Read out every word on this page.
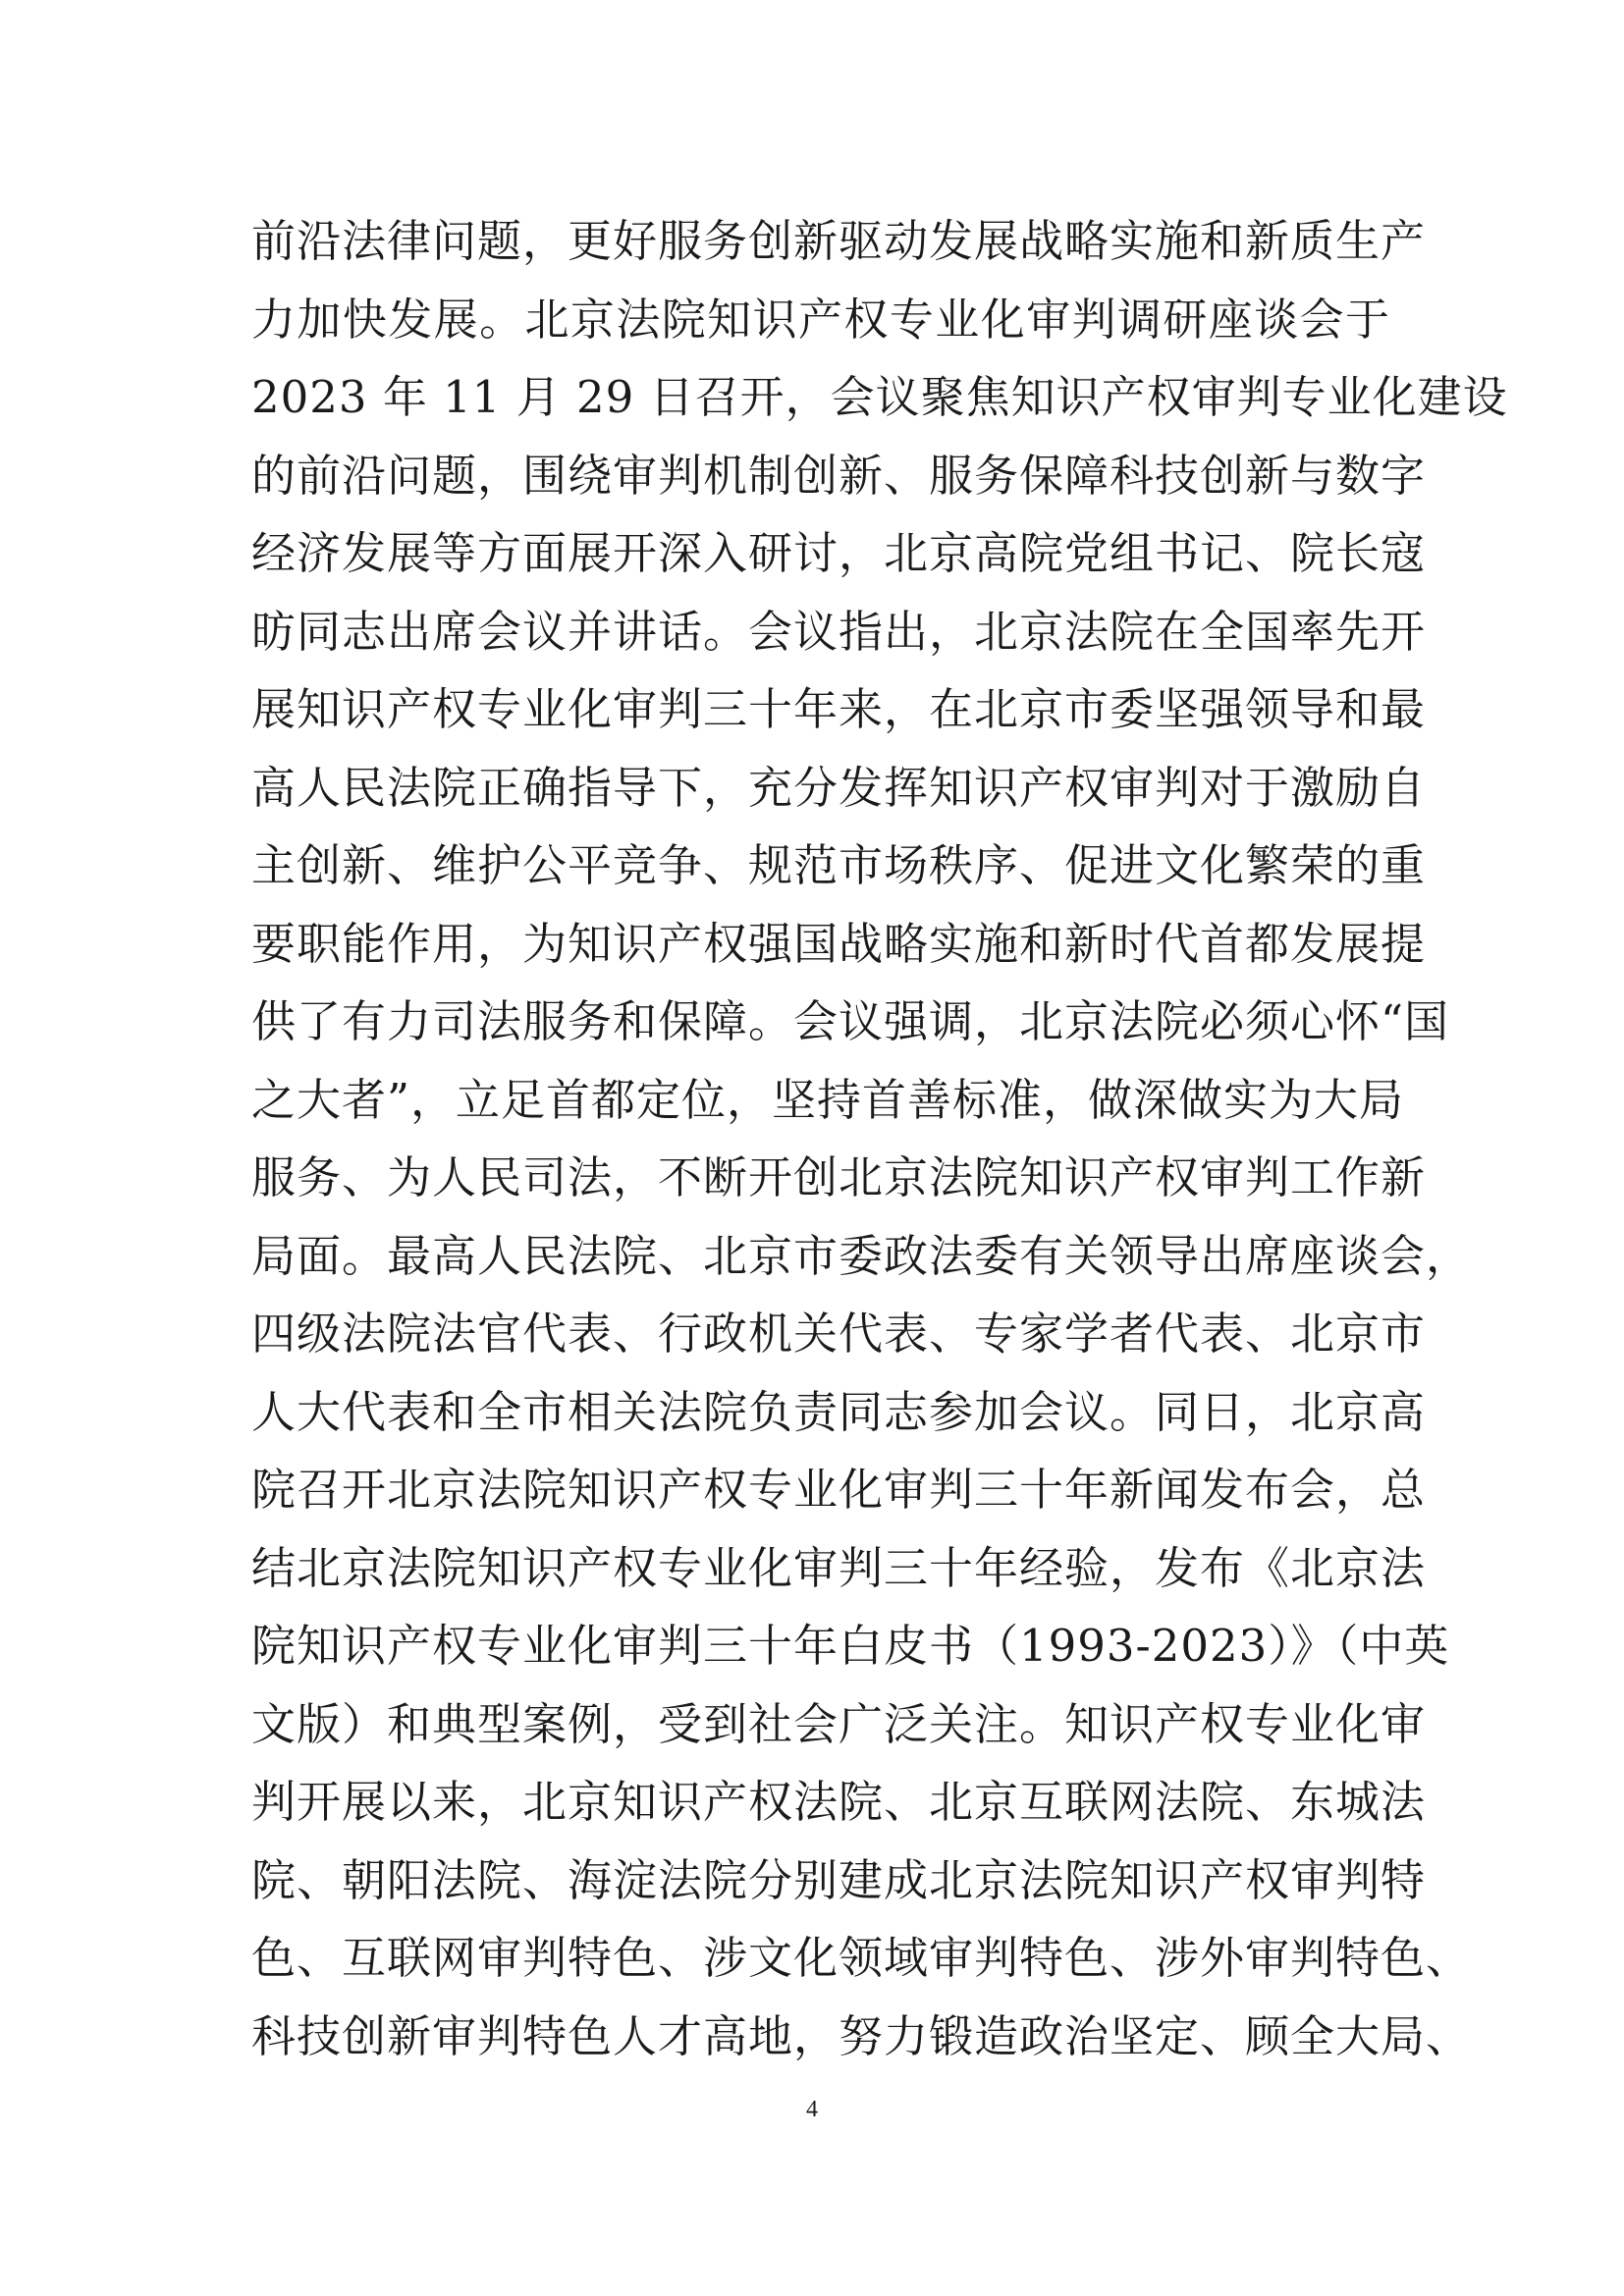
前沿法律问题，更好服务创新驱动发展战略实施和新质生产
力加快发展。北京法院知识产权专业化审判调研座谈会于
2023 年 11 月 29 日召开，会议聚焦知识产权审判专业化建设
的前沿问题，围绕审判机制创新、服务保障科技创新与数字
经济发展等方面展开深入研讨，北京高院党组书记、院长寇
昉同志出席会议并讲话。会议指出，北京法院在全国率先开
展知识产权专业化审判三十年来，在北京市委坚强领导和最
高人民法院正确指导下，充分发挥知识产权审判对于激励自
主创新、维护公平竞争、规范市场秩序、促进文化繁荣的重
要职能作用，为知识产权强国战略实施和新时代首都发展提
供了有力司法服务和保障。会议强调，北京法院必须心怀“国
之大者”，立足首都定位，坚持首善标准，做深做实为大局
服务、为人民司法，不断开创北京法院知识产权审判工作新
局面。最高人民法院、北京市委政法委有关领导出席座谈会，
四级法院法官代表、行政机关代表、专家学者代表、北京市
人大代表和全市相关法院负责同志参加会议。同日，北京高
院召开北京法院知识产权专业化审判三十年新闻发布会，总
结北京法院知识产权专业化审判三十年经验，发布《北京法
院知识产权专业化审判三十年白皮书（1993-2023）》（中英
文版）和典型案例，受到社会广泛关注。知识产权专业化审
判开展以来，北京知识产权法院、北京互联网法院、东城法
院、朝阳法院、海淀法院分别建成北京法院知识产权审判特
色、互联网审判特色、涉文化领域审判特色、涉外审判特色、
科技创新审判特色人才高地，努力锻造政治坚定、顾全大局、
4
